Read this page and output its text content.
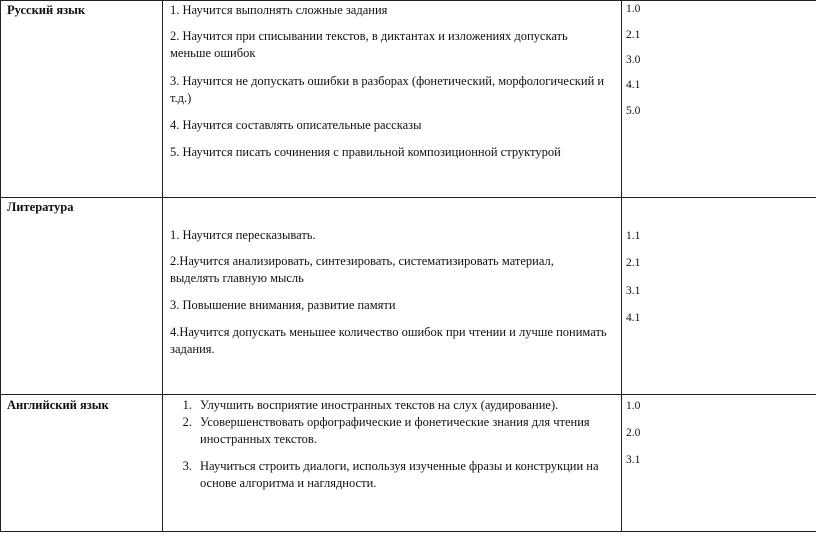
Русский язык	1. Научится выполнять сложные задания
2. Научится при списывании текстов, в диктантах и изложениях допускать меньше ошибок
3. Научится не допускать ошибки в разборах (фонетический, морфологический и т.д.)
4. Научится составлять описательные рассказы
5. Научится писать сочинения с правильной композиционной структурой
1.0
2.1
3.0
4.1
5.0
Литература
1. Научится пересказывать.
2.Научится анализировать, синтезировать, систематизировать материал, выделять главную мысль
3. Повышение внимания, развитие памяти
4.Научится допускать меньшее количество ошибок при чтении и лучше понимать задания.
1.1
2.1
3.1
4.1
Английский язык	1. Улучшить восприятие иностранных текстов на слух (аудирование).
2. Усовершенствовать орфографические и фонетические знания для чтения иностранных текстов.
3. Научиться строить диалоги, используя изученные фразы и конструкции на основе алгоритма и наглядности.
1.0
2.0
3.1
